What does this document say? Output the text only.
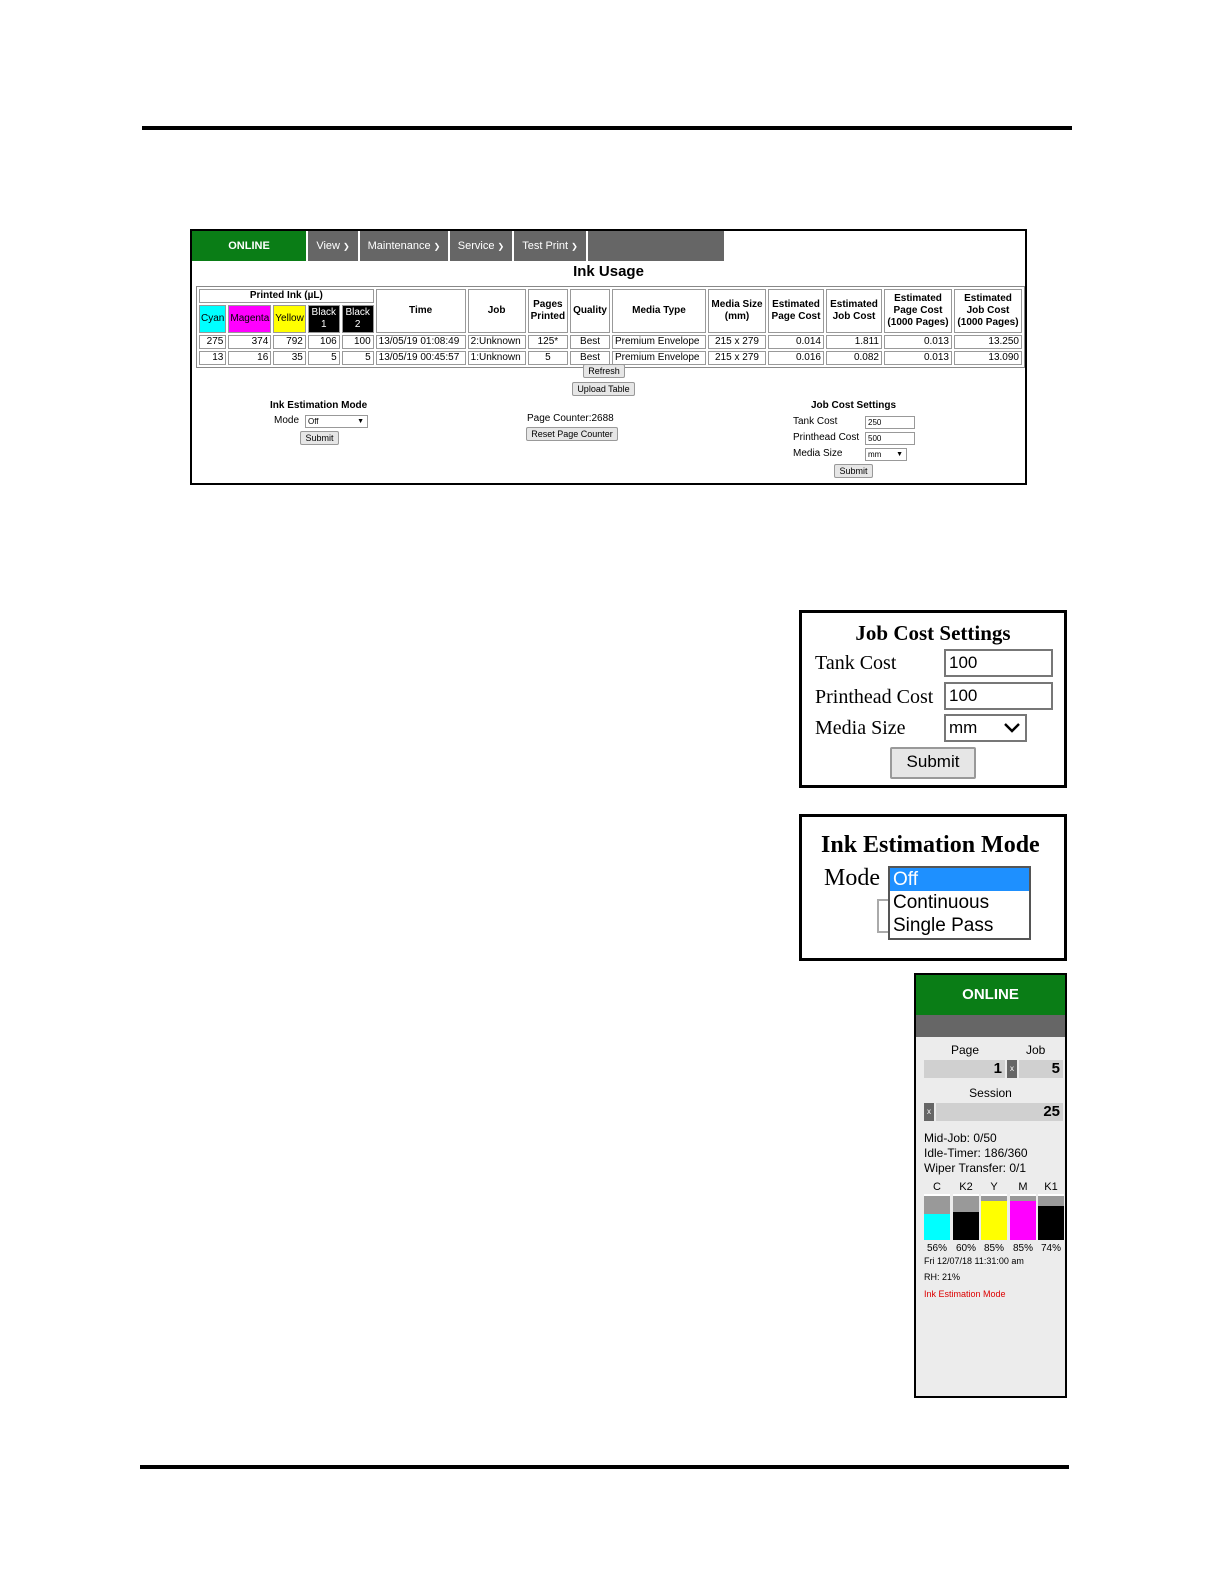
ONLINE	View ❯ Maintenance ❯ Service ❯ Test Print ❯
Ink Usage
Printed Ink (µL)					Time	Job	Pages Printed	Quality	Media Type	Media Size (mm)	Estimated Page Cost	Estimated Job Cost	Estimated Page Cost (1000 Pages)	Estimated Job Cost (1000 Pages)
Cyan	Magenta	Yellow	Black 1	Black 2										
275	374	792	106	100	13/05/19 01:08:49	2:Unknown	125*	Best	Premium Envelope	215 x 279	0.014	1.811	0.013	13.250
13	16	35	5	5	13/05/19 00:45:57	1:Unknown	5	Best	Premium Envelope	215 x 279	0.016	0.082	0.013	13.090
Refresh
Upload Table
Ink Estimation Mode
Mode	Off	▼
Submit
Page Counter:2688
Reset Page Counter
Job Cost Settings
Tank Cost	250
Printhead Cost	500
Media Size	mm ▼
Submit
Job Cost Settings
Tank Cost	100
Printhead Cost 100
Media Size	mm
Submit
Ink Estimation Mode
Mode Off
Continuous
Single Pass
ONLINE
Page	Job
1	x	5
Session
x	25
Mid-Job: 0/50
Idle-Timer: 186/360
Wiper Transfer: 0/1
C
56%
K2
60%
Y
85%
M
85%
K1
74%
Fri 12/07/18 11:31:00 am
RH: 21%
Ink Estimation Mode
